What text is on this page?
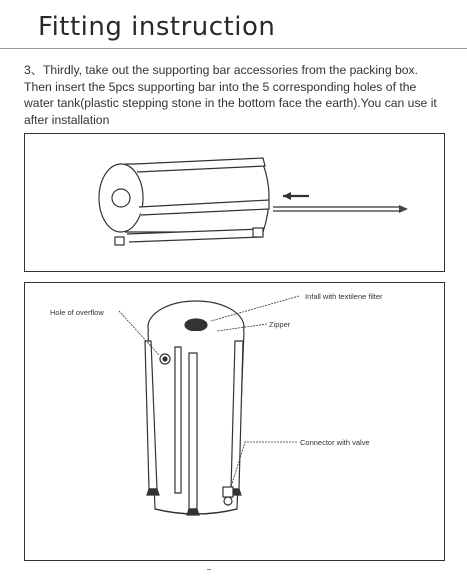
Fitting instruction
3、Thirdly, take out the supporting bar accessories from the packing box. Then insert the 5pcs supporting bar into the 5 corresponding holes of the water tank(plastic stepping stone in the bottom face the earth).You can use it after installation
Hole of overflow
Infall with textilene filter
Zipper
Connector with valve
